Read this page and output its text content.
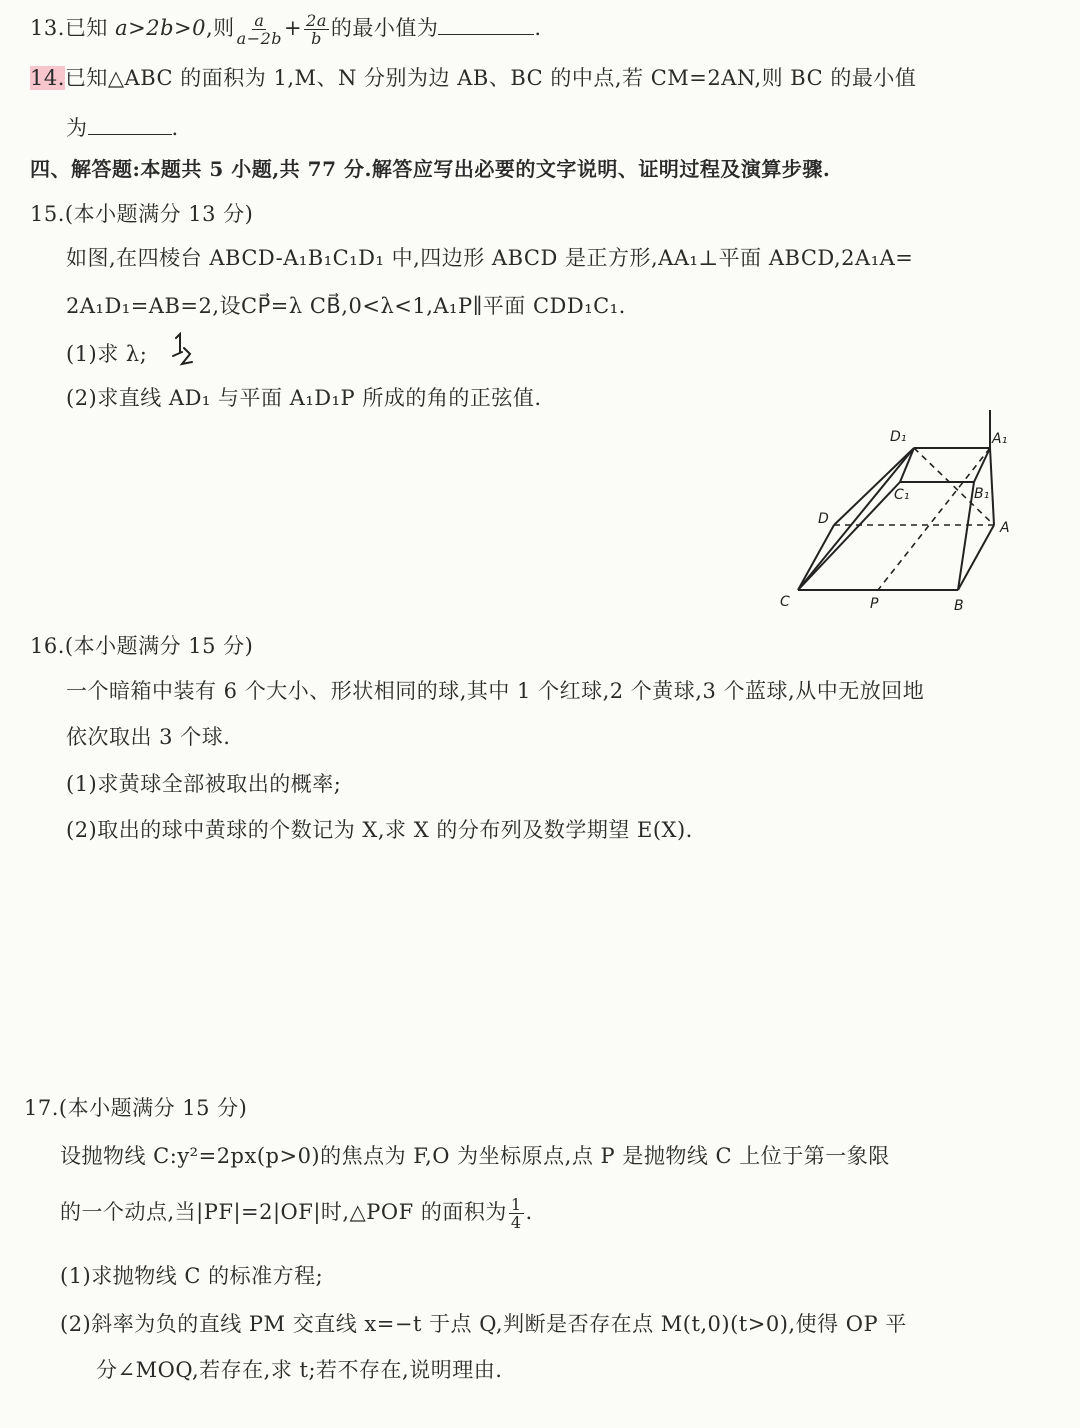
13.已知 a>2b>0,则 $\frac{a}{a-2b} + \frac{2a}{b}$ 的最小值为	.
14.已知△ABC 的面积为 1,M、N 分别为边 AB、BC 的中点,若 CM=2AN,则 BC 的最小值
为	.
四、解答题:本题共 5 小题,共 77 分.解答应写出必要的文字说明、证明过程及演算步骤.
15.(本小题满分 13 分)
如图,在四棱台 ABCD-A₁B₁C₁D₁ 中,四边形 ABCD 是正方形,AA₁⊥平面 ABCD,2A₁A=
2A₁D₁=AB=2,设CP⃗=λ CB⃗,0<λ<1,A₁P∥平面 CDD₁C₁.
(1)求 λ;
(2)求直线 AD₁ 与平面 A₁D₁P 所成的角的正弦值.
D₁	A₁
C₁	B₁
D
A
C	P	B
16.(本小题满分 15 分)
一个暗箱中装有 6 个大小、形状相同的球,其中 1 个红球,2 个黄球,3 个蓝球,从中无放回地
依次取出 3 个球.
(1)求黄球全部被取出的概率;
(2)取出的球中黄球的个数记为 X,求 X 的分布列及数学期望 E(X).
17.(本小题满分 15 分)
设抛物线 C:y²=2px(p>0)的焦点为 F,O 为坐标原点,点 P 是抛物线 C 上位于第一象限
的一个动点,当|PF|=2|OF|时,△POF 的面积为 $\frac{1}{4}$ .
(1)求抛物线 C 的标准方程;
(2)斜率为负的直线 PM 交直线 x=−t 于点 Q,判断是否存在点 M(t,0)(t>0),使得 OP 平
分∠MOQ,若存在,求 t;若不存在,说明理由.
